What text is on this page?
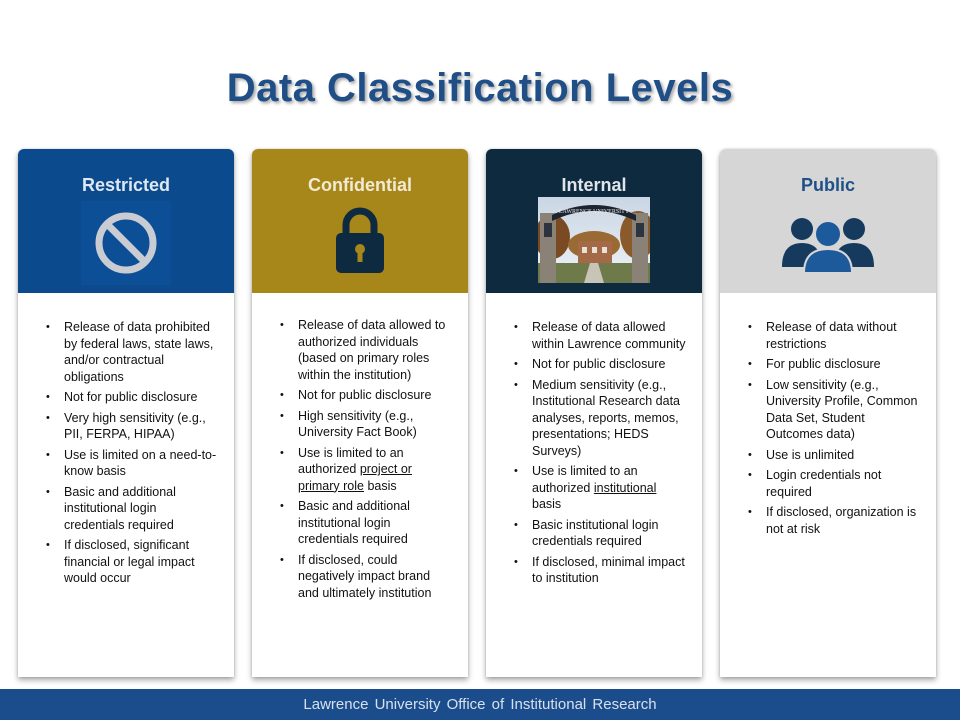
Data Classification Levels
Restricted
• Release of data prohibited by federal laws, state laws, and/or contractual obligations
• Not for public disclosure
• Very high sensitivity (e.g., PII, FERPA, HIPAA)
• Use is limited on a need-to-know basis
• Basic and additional institutional login credentials required
• If disclosed, significant financial or legal impact would occur
Confidential
• Release of data allowed to authorized individuals (based on primary roles within the institution)
• Not for public disclosure
• High sensitivity (e.g., University Fact Book)
• Use is limited to an authorized project or primary role basis
• Basic and additional institutional login credentials required
• If disclosed, could negatively impact brand and ultimately institution
Internal
LAWRENCE UNIVERSITY
• Release of data allowed within Lawrence community
• Not for public disclosure
• Medium sensitivity (e.g., Institutional Research data analyses, reports, memos, presentations; HEDS Surveys)
• Use is limited to an authorized institutional basis
• Basic institutional login credentials required
• If disclosed, minimal impact to institution
Public
• Release of data without restrictions
• For public disclosure
• Low sensitivity (e.g., University Profile, Common Data Set, Student Outcomes data)
• Use is unlimited
• Login credentials not required
• If disclosed, organization is not at risk
Lawrence University Office of Institutional Research
